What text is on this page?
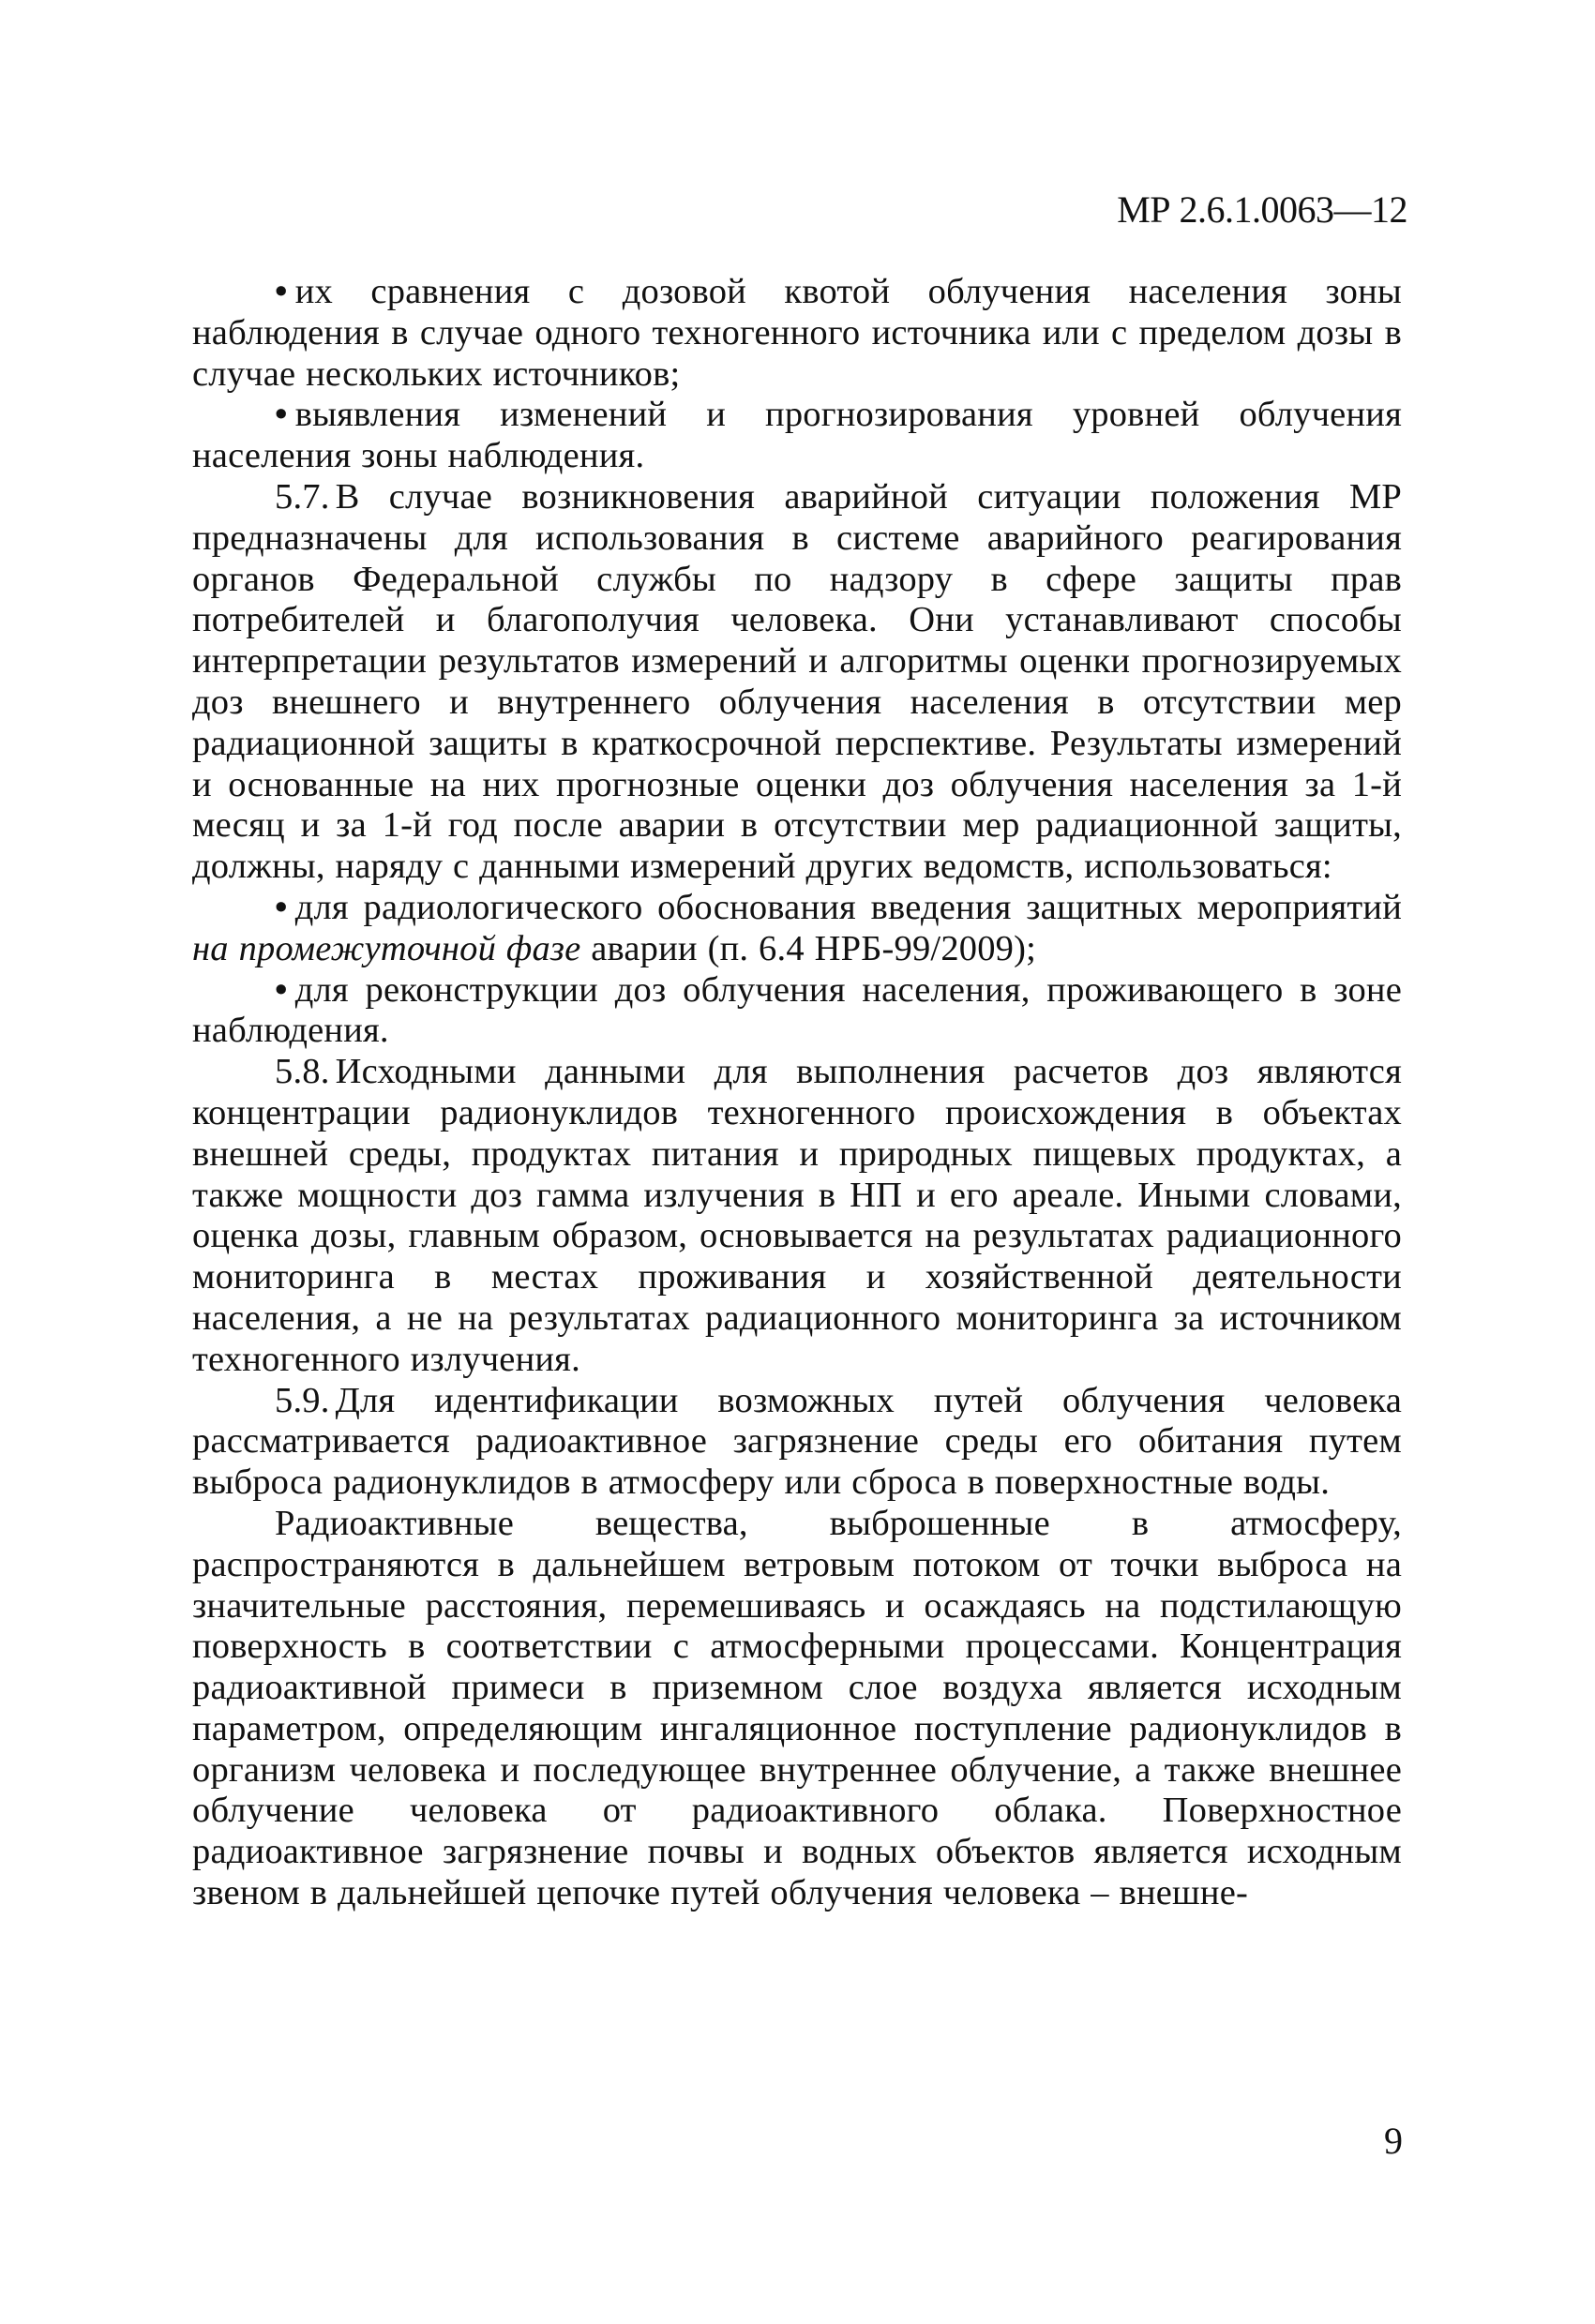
МР 2.6.1.0063—12

• их сравнения с дозовой квотой облучения населения зоны наблюдения в случае одного техногенного источника или с пределом дозы в случае нескольких источников;

• выявления изменений и прогнозирования уровней облучения населения зоны наблюдения.

5.7. В случае возникновения аварийной ситуации положения МР предназначены для использования в системе аварийного реагирования органов Федеральной службы по надзору в сфере защиты прав потребителей и благополучия человека. Они устанавливают способы интерпретации результатов измерений и алгоритмы оценки прогнозируемых доз внешнего и внутреннего облучения населения в отсутствии мер радиационной защиты в краткосрочной перспективе. Результаты измерений и основанные на них прогнозные оценки доз облучения населения за 1-й месяц и за 1-й год после аварии в отсутствии мер радиационной защиты, должны, наряду с данными измерений других ведомств, использоваться:

• для радиологического обоснования введения защитных мероприятий на промежуточной фазе аварии (п. 6.4 НРБ-99/2009);

• для реконструкции доз облучения населения, проживающего в зоне наблюдения.

5.8. Исходными данными для выполнения расчетов доз являются концентрации радионуклидов техногенного происхождения в объектах внешней среды, продуктах питания и природных пищевых продуктах, а также мощности доз гамма излучения в НП и его ареале. Иными словами, оценка дозы, главным образом, основывается на результатах радиационного мониторинга в местах проживания и хозяйственной деятельности населения, а не на результатах радиационного мониторинга за источником техногенного излучения.

5.9. Для идентификации возможных путей облучения человека рассматривается радиоактивное загрязнение среды его обитания путем выброса радионуклидов в атмосферу или сброса в поверхностные воды.

Радиоактивные вещества, выброшенные в атмосферу, распространяются в дальнейшем ветровым потоком от точки выброса на значительные расстояния, перемешиваясь и осаждаясь на подстилающую поверхность в соответствии с атмосферными процессами. Концентрация радиоактивной примеси в приземном слое воздуха является исходным параметром, определяющим ингаляционное поступление радионуклидов в организм человека и последующее внутреннее облучение, а также внешнее облучение человека от радиоактивного облака. Поверхностное радиоактивное загрязнение почвы и водных объектов является исходным звеном в дальнейшей цепочке путей облучения человека – внешне-

9
